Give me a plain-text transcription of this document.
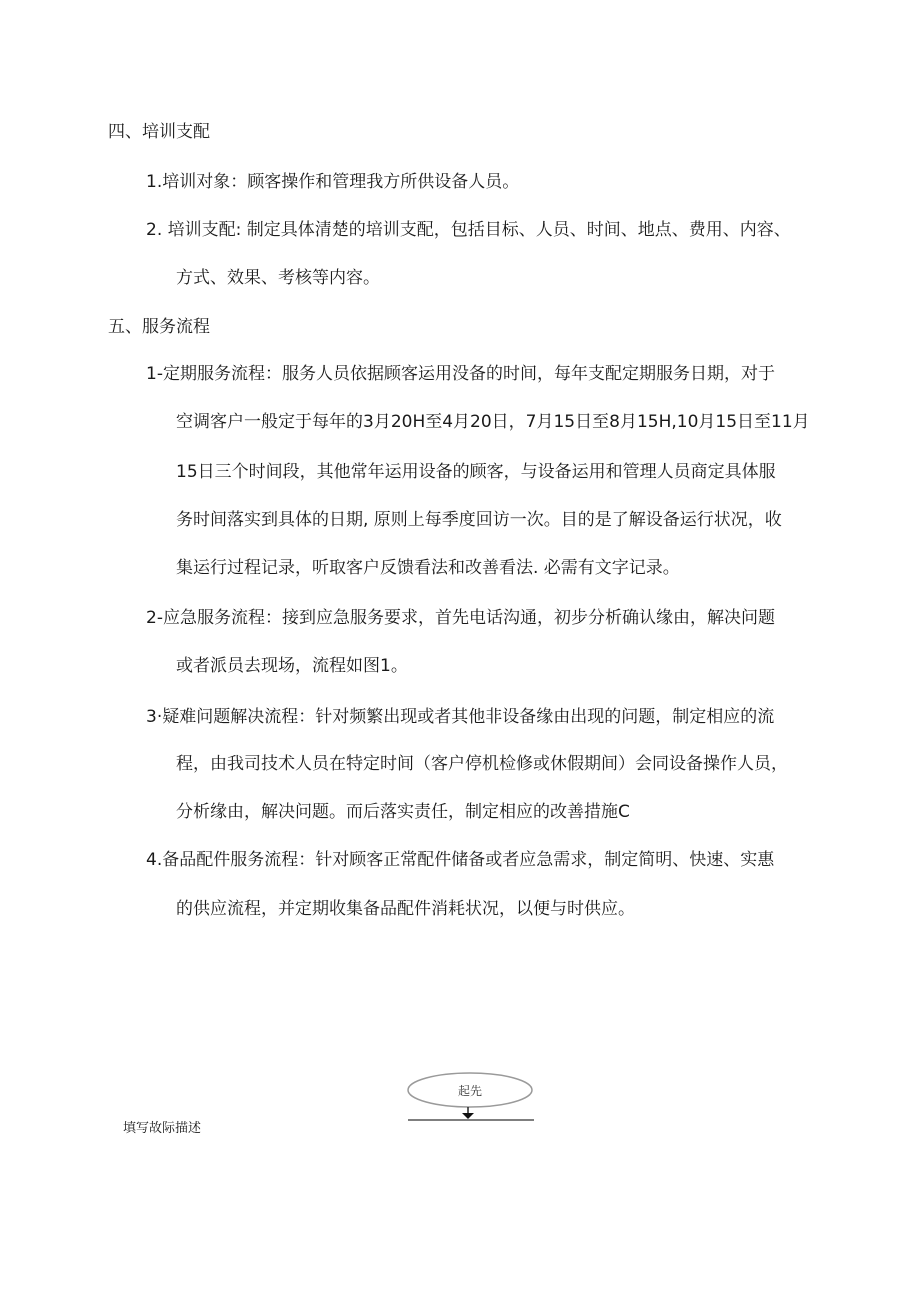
四、培训支配
1.培训对象：顾客操作和管理我方所供设备人员。
2. 培训支配: 制定具体清楚的培训支配，包括目标、人员、时间、地点、费用、内容、
方式、效果、考核等内容。
五、服务流程
1-定期服务流程：服务人员依据顾客运用没备的时间，每年支配定期服务日期，对于
空调客户一般定于每年的3月20H至4月20日，7月15日至8月15H,10月15日至11月
15日三个时间段，其他常年运用设备的顾客，与设备运用和管理人员商定具体服
务时间落实到具体的日期, 原则上每季度回访一次。目的是了解设备运行状况，收
集运行过程记录，听取客户反馈看法和改善看法. 必需有文字记录。
2-应急服务流程：接到应急服务要求，首先电话沟通，初步分析确认缘由，解决问题
或者派员去现场，流程如图1。
3·疑难问题解决流程：针对频繁出现或者其他非设备缘由出现的问题，制定相应的流
程，由我司技术人员在特定时间（客户停机检修或休假期间）会同设备操作人员，
分析缘由，解决问题。而后落实责任，制定相应的改善措施C
4.备品配件服务流程：针对顾客正常配件储备或者应急需求，制定简明、快速、实惠
的供应流程，并定期收集备品配件消耗状况，以便与时供应。
起先
填写故际描述
